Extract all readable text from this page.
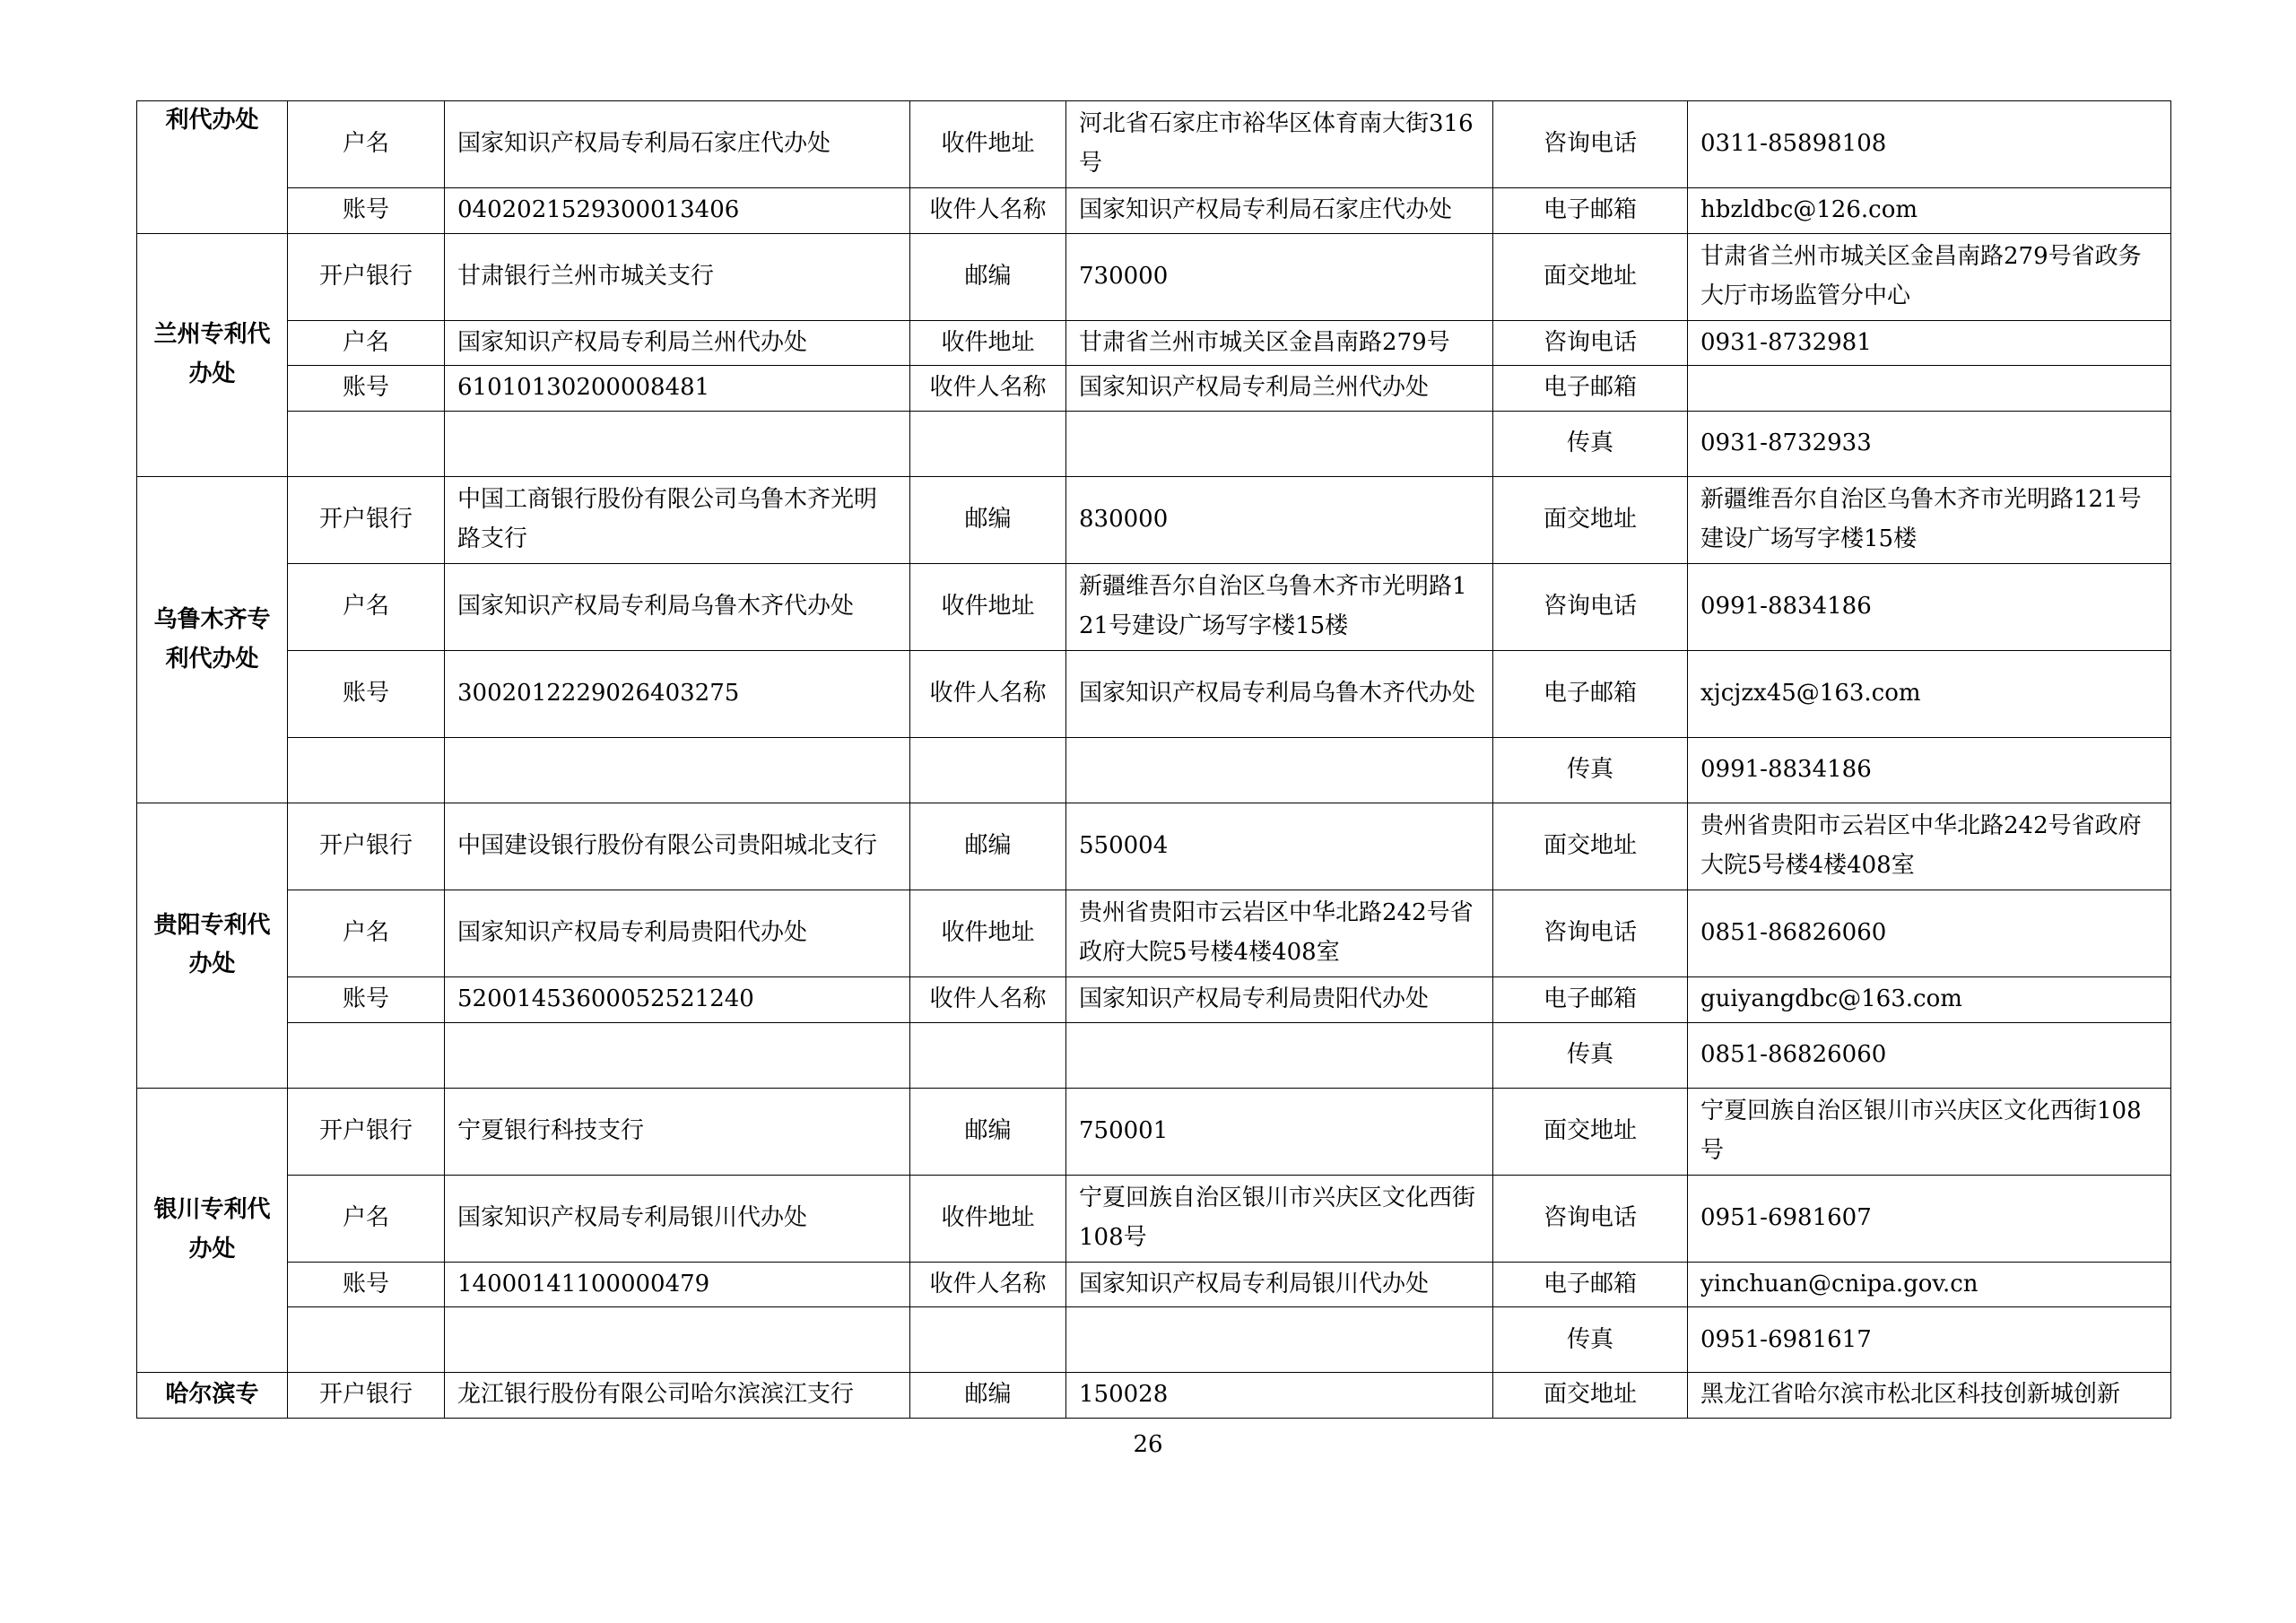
利代办处	户名	国家知识产权局专利局石家庄代办处	收件地址	河北省石家庄市裕华区体育南大街316号	咨询电话	0311-85898108
	账号	0402021529300013406	收件人名称	国家知识产权局专利局石家庄代办处	电子邮箱	hbzldbc@126.com
兰州专利代办处	开户银行	甘肃银行兰州市城关支行	邮编	730000	面交地址	甘肃省兰州市城关区金昌南路279号省政务大厅市场监管分中心
	户名	国家知识产权局专利局兰州代办处	收件地址	甘肃省兰州市城关区金昌南路279号	咨询电话	0931-8732981
	账号	61010130200008481	收件人名称	国家知识产权局专利局兰州代办处	电子邮箱	
					传真	0931-8732933
乌鲁木齐专利代办处	开户银行	中国工商银行股份有限公司乌鲁木齐光明路支行	邮编	830000	面交地址	新疆维吾尔自治区乌鲁木齐市光明路121号建设广场写字楼15楼
	户名	国家知识产权局专利局乌鲁木齐代办处	收件地址	新疆维吾尔自治区乌鲁木齐市光明路121号建设广场写字楼15楼	咨询电话	0991-8834186
	账号	3002012229026403275	收件人名称	国家知识产权局专利局乌鲁木齐代办处	电子邮箱	xjcjzx45@163.com
					传真	0991-8834186
贵阳专利代办处	开户银行	中国建设银行股份有限公司贵阳城北支行	邮编	550004	面交地址	贵州省贵阳市云岩区中华北路242号省政府大院5号楼4楼408室
	户名	国家知识产权局专利局贵阳代办处	收件地址	贵州省贵阳市云岩区中华北路242号省政府大院5号楼4楼408室	咨询电话	0851-86826060
	账号	52001453600052521240	收件人名称	国家知识产权局专利局贵阳代办处	电子邮箱	guiyangdbc@163.com
					传真	0851-86826060
银川专利代办处	开户银行	宁夏银行科技支行	邮编	750001	面交地址	宁夏回族自治区银川市兴庆区文化西街108号
	户名	国家知识产权局专利局银川代办处	收件地址	宁夏回族自治区银川市兴庆区文化西街108号	咨询电话	0951-6981607
	账号	14000141100000479	收件人名称	国家知识产权局专利局银川代办处	电子邮箱	yinchuan@cnipa.gov.cn
					传真	0951-6981617
哈尔滨专	开户银行	龙江银行股份有限公司哈尔滨滨江支行	邮编	150028	面交地址	黑龙江省哈尔滨市松北区科技创新城创新
26
